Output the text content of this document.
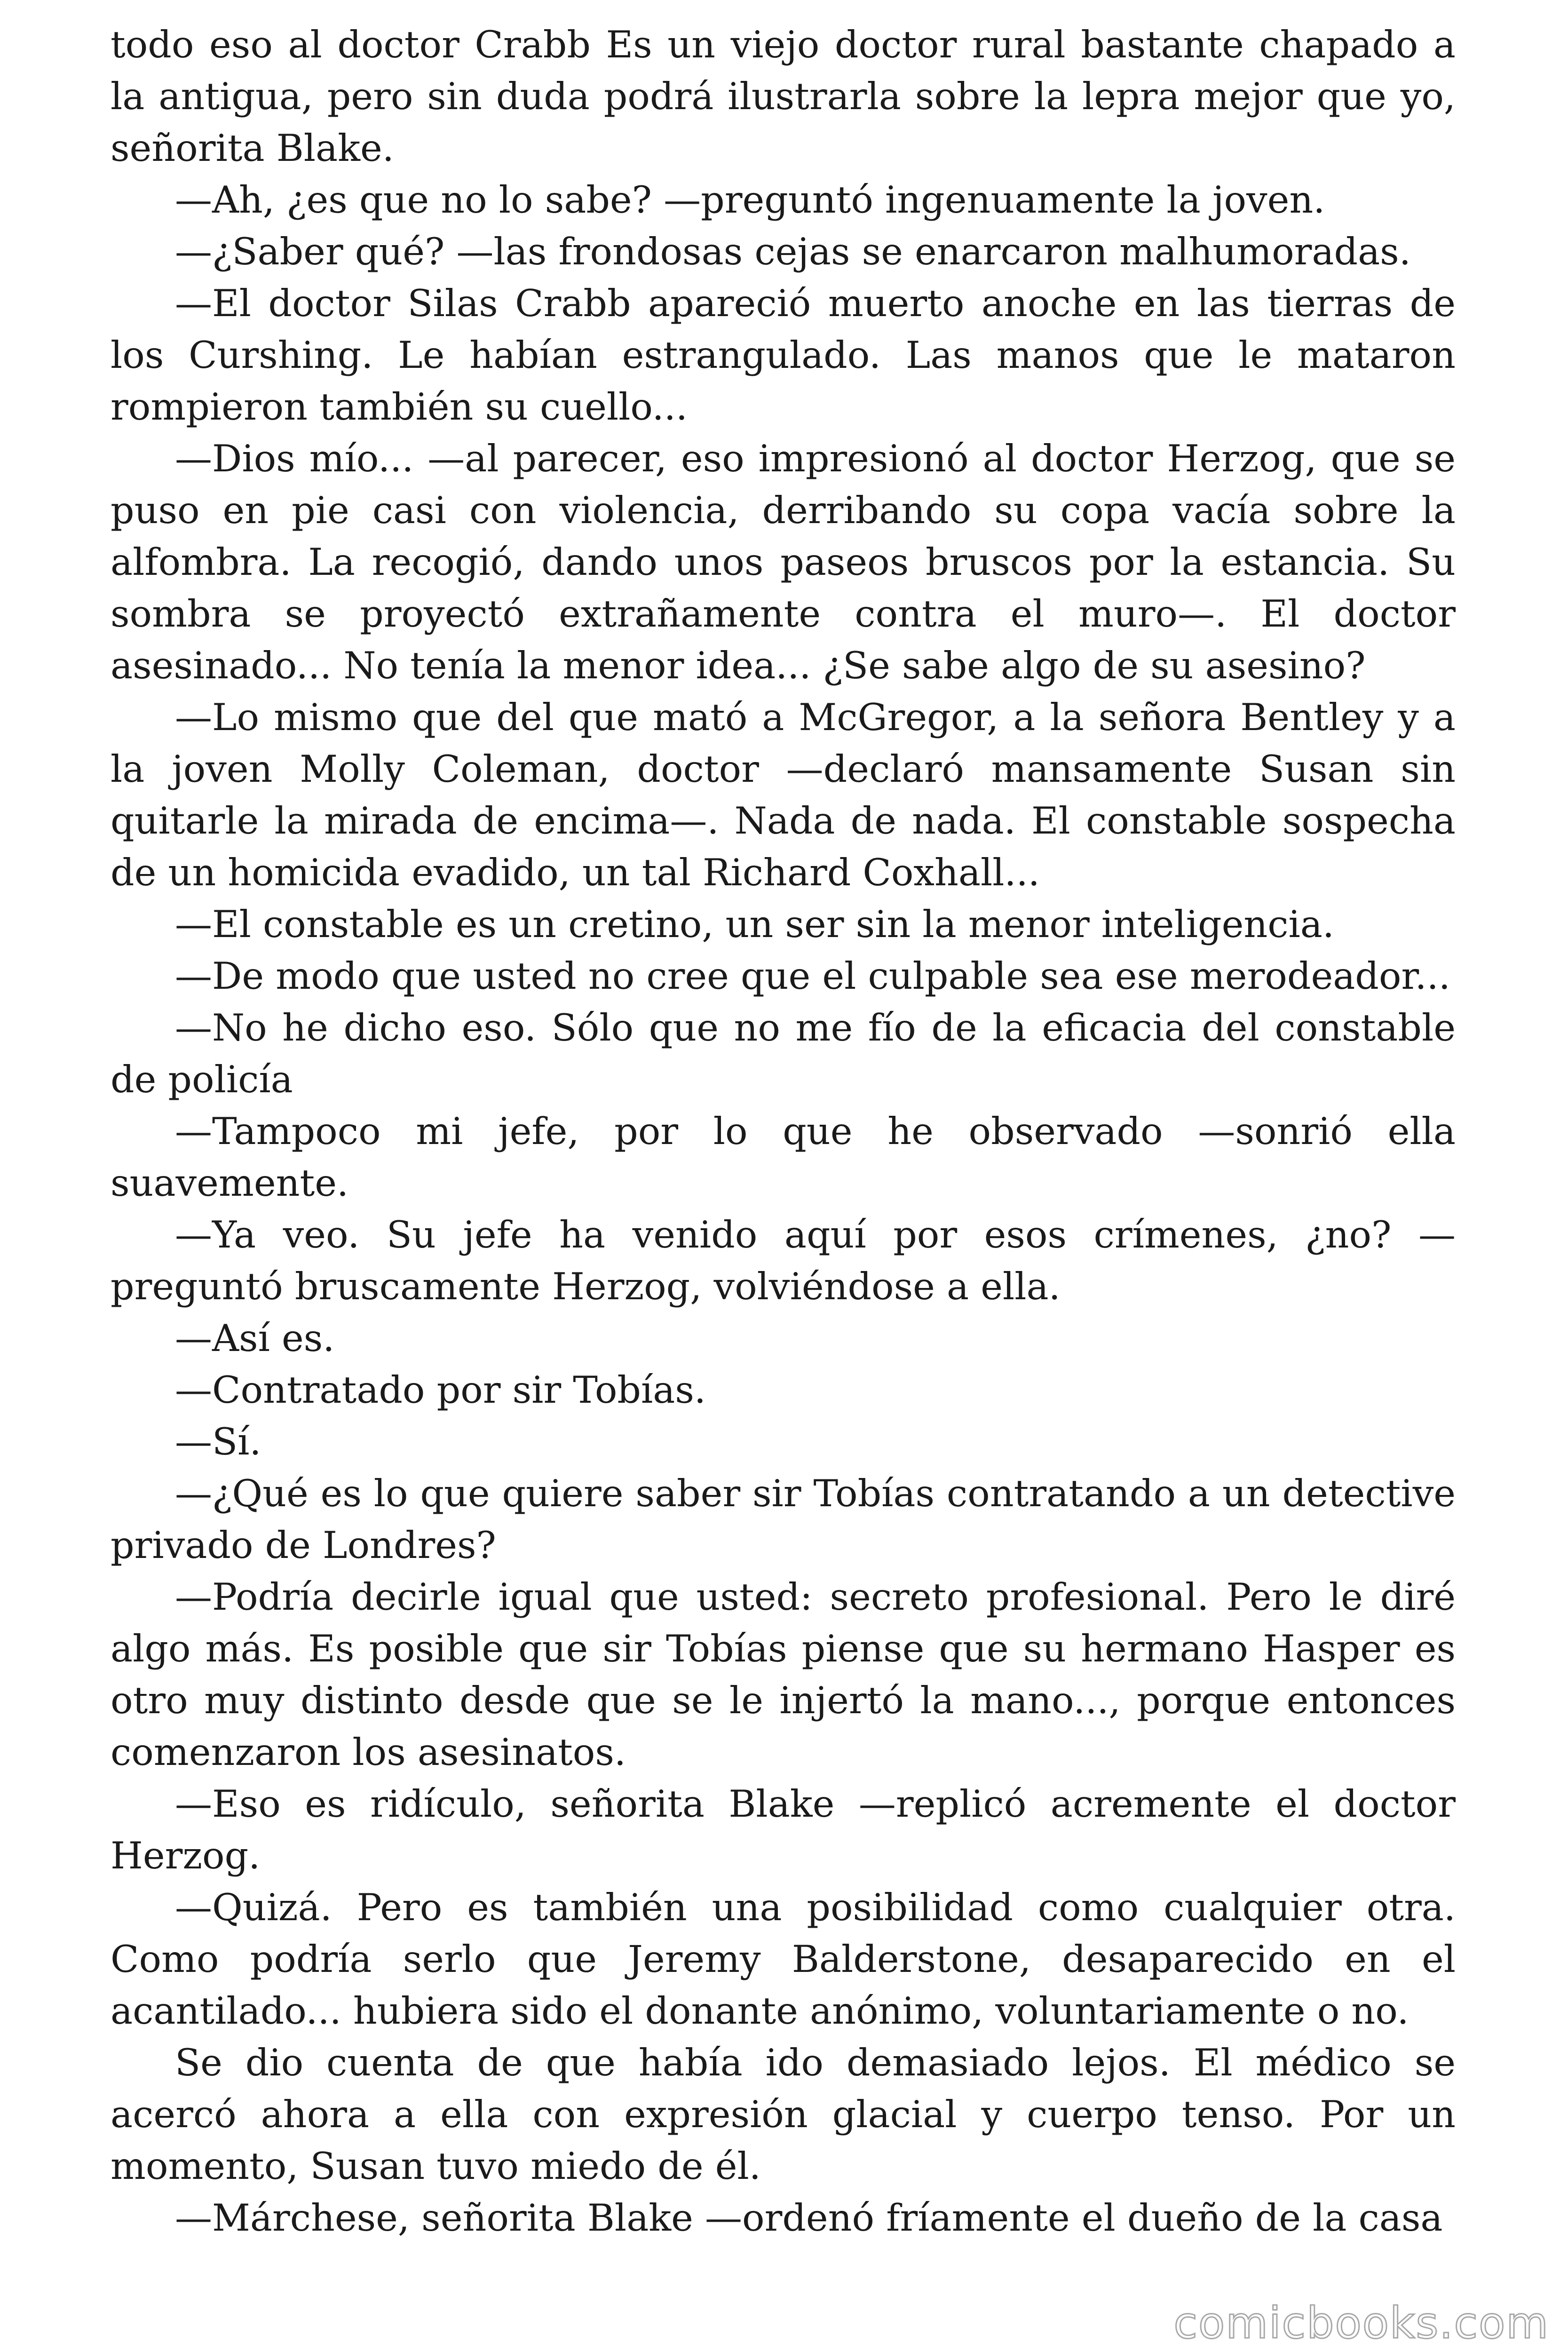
todo eso al doctor Crabb Es un viejo doctor rural bastante chapado a la antigua, pero sin duda podrá ilustrarla sobre la lepra mejor que yo, señorita Blake.

—Ah, ¿es que no lo sabe? —preguntó ingenuamente la joven.

—¿Saber qué? —las frondosas cejas se enarcaron malhumoradas.

—El doctor Silas Crabb apareció muerto anoche en las tierras de los Curshing. Le habían estrangulado. Las manos que le mataron rompieron también su cuello...

—Dios mío... —al parecer, eso impresionó al doctor Herzog, que se puso en pie casi con violencia, derribando su copa vacía sobre la alfombra. La recogió, dando unos paseos bruscos por la estancia. Su sombra se proyectó extrañamente contra el muro—. El doctor asesinado... No tenía la menor idea... ¿Se sabe algo de su asesino?

—Lo mismo que del que mató a McGregor, a la señora Bentley y a la joven Molly Coleman, doctor —declaró mansamente Susan sin quitarle la mirada de encima—. Nada de nada. El constable sospecha de un homicida evadido, un tal Richard Coxhall...

—El constable es un cretino, un ser sin la menor inteligencia.

—De modo que usted no cree que el culpable sea ese merodeador...

—No he dicho eso. Sólo que no me fío de la eficacia del constable de policía

—Tampoco mi jefe, por lo que he observado —sonrió ella suavemente.

—Ya veo. Su jefe ha venido aquí por esos crímenes, ¿no? —preguntó bruscamente Herzog, volviéndose a ella.

—Así es.

—Contratado por sir Tobías.

—Sí.

—¿Qué es lo que quiere saber sir Tobías contratando a un detective privado de Londres?

—Podría decirle igual que usted: secreto profesional. Pero le diré algo más. Es posible que sir Tobías piense que su hermano Hasper es otro muy distinto desde que se le injertó la mano..., porque entonces comenzaron los asesinatos.

—Eso es ridículo, señorita Blake —replicó acremente el doctor Herzog.

—Quizá. Pero es también una posibilidad como cualquier otra. Como podría serlo que Jeremy Balderstone, desaparecido en el acantilado... hubiera sido el donante anónimo, voluntariamente o no.

Se dio cuenta de que había ido demasiado lejos. El médico se acercó ahora a ella con expresión glacial y cuerpo tenso. Por un momento, Susan tuvo miedo de él.

—Márchese, señorita Blake —ordenó fríamente el dueño de la casa

comicbooks.com
